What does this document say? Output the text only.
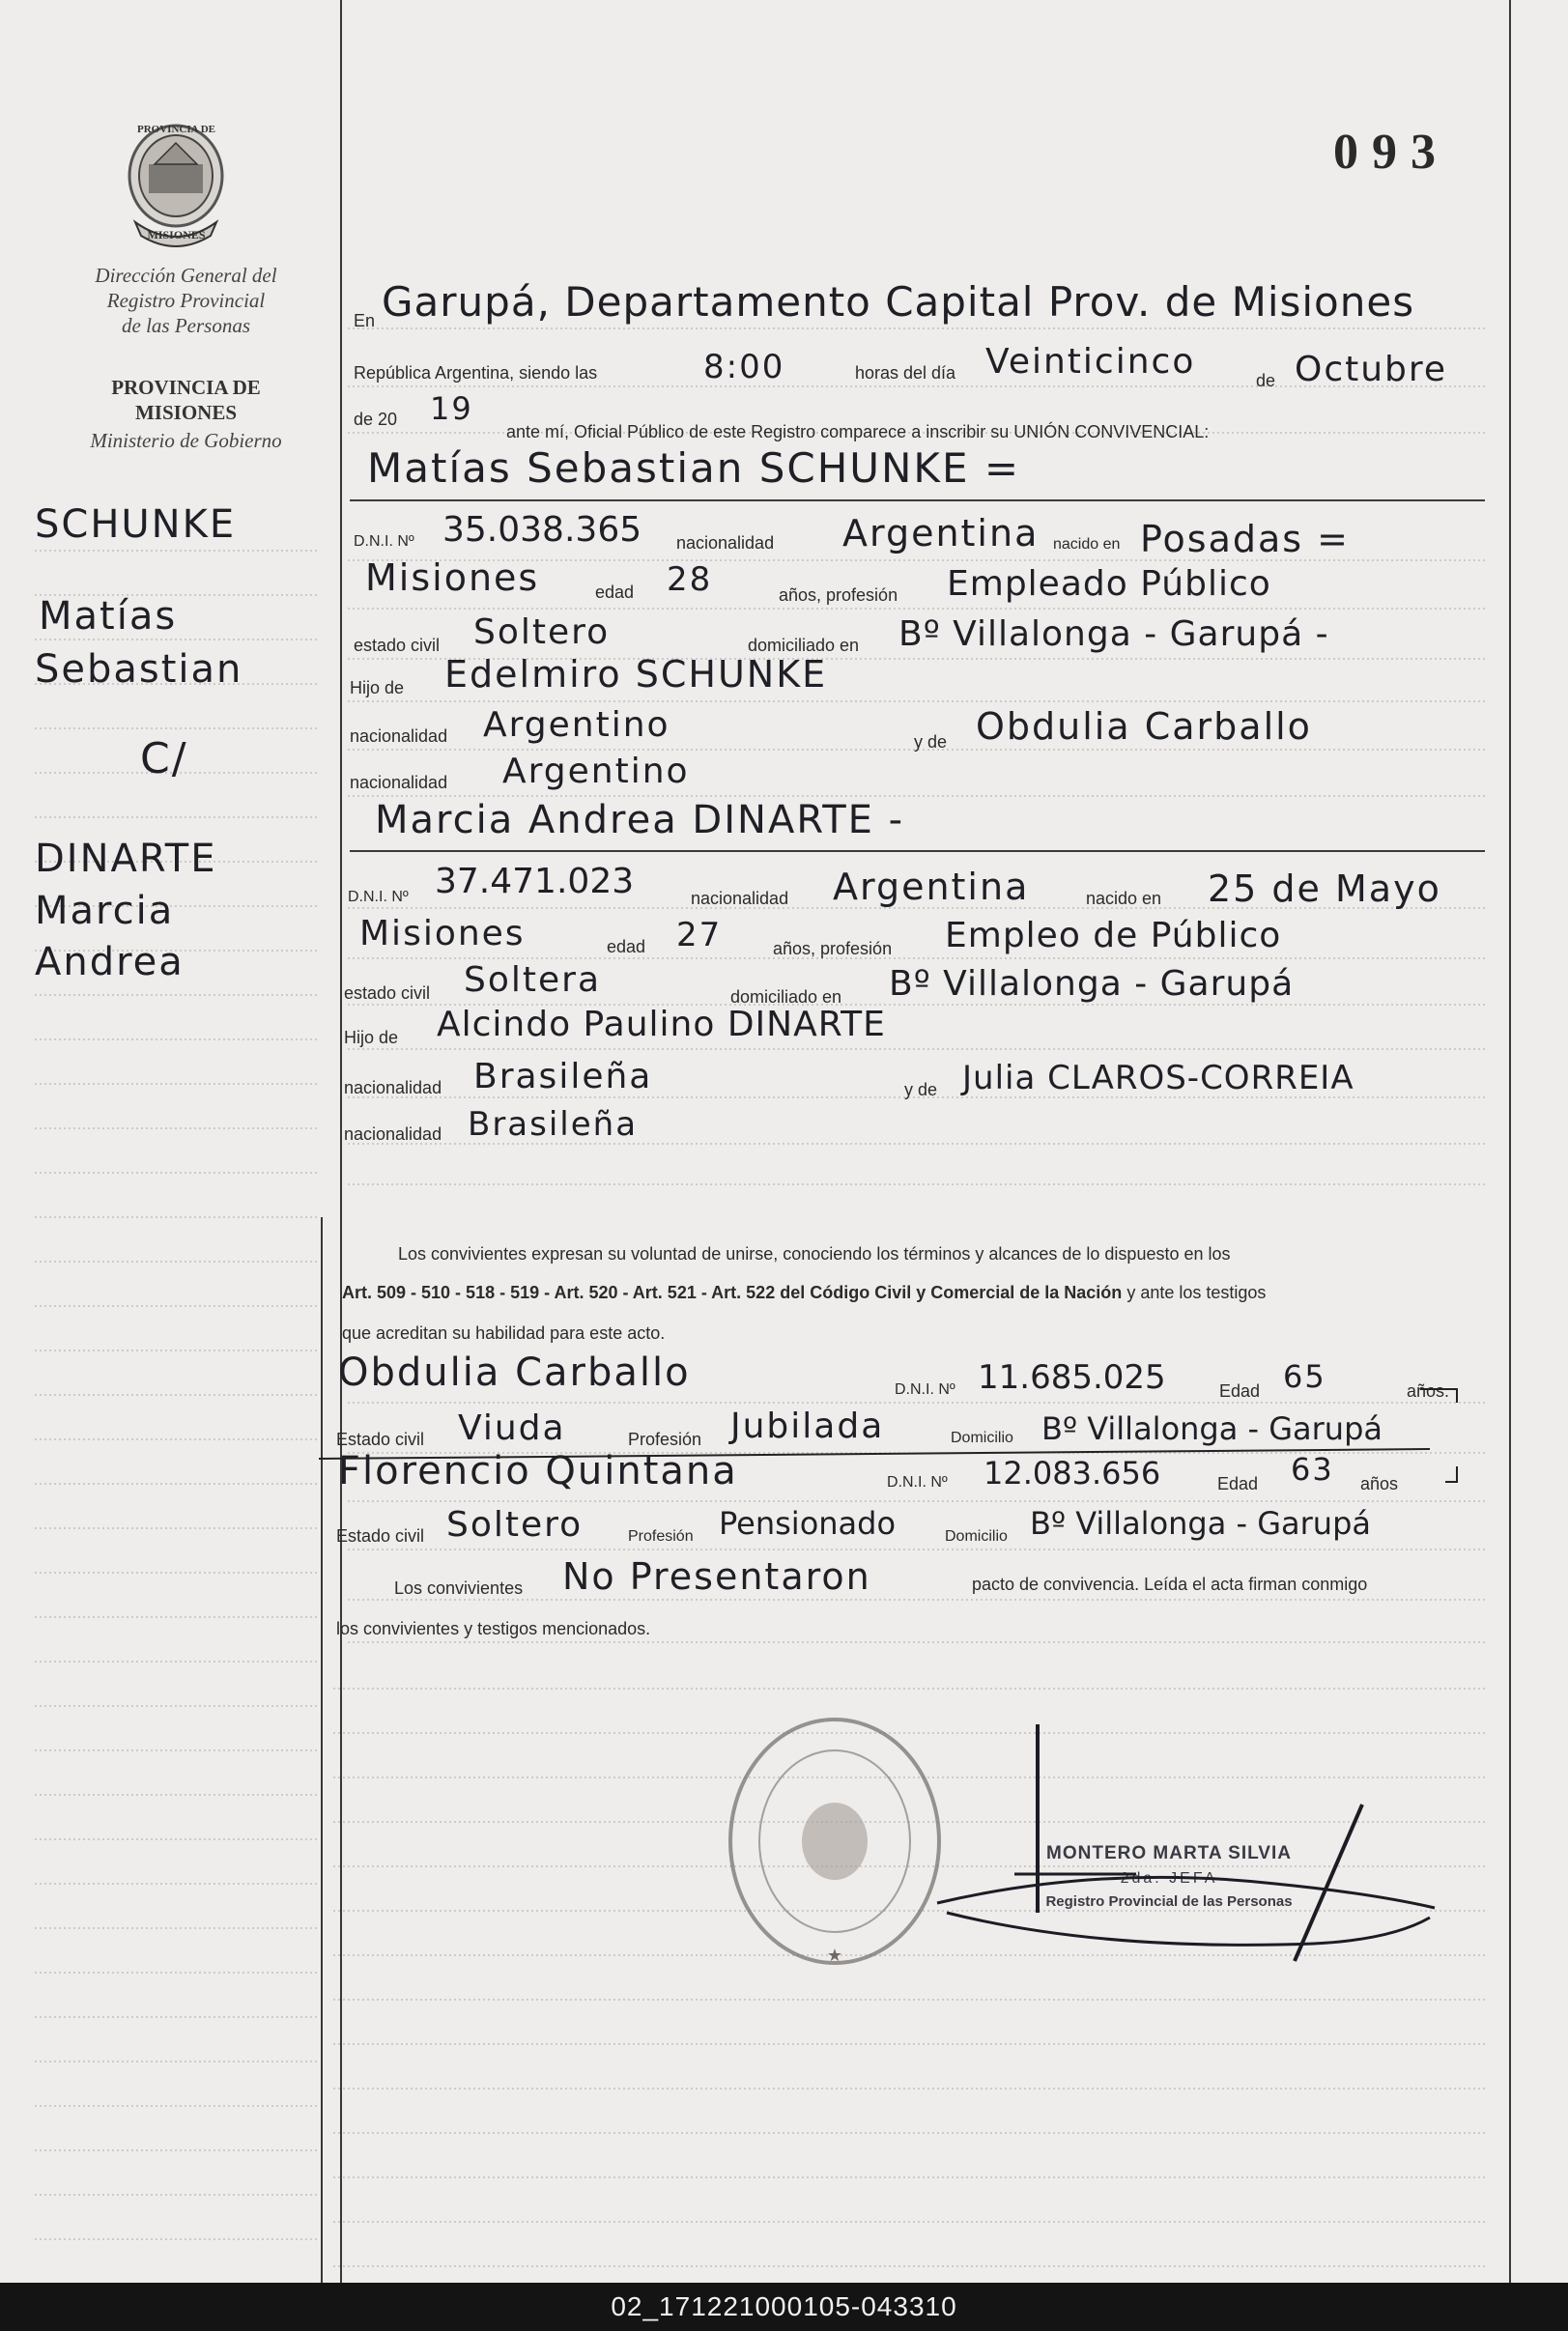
PROVINCIA DE
MISIONES
Dirección General del
Registro Provincial
de las Personas
PROVINCIA DE
MISIONES
Ministerio de Gobierno
093
SCHUNKE
Matías
Sebastian
C/
DINARTE
Marcia
Andrea
En Garupá, Departamento Capital Prov. de Misiones
República Argentina, siendo las	8:00	horas del día Veinticinco	de Octubre
de 20 19
ante mí, Oficial Público de este Registro comparece a inscribir su UNIÓN CONVIVENCIAL:
Matías Sebastian SCHUNKE =
D.N.I. Nº 35.038.365 nacionalidad Argentina nacido en Posadas =
Misiones	edad 28	años, profesión Empleado Público
estado civil Soltero	domiciliado en Bº Villalonga - Garupá -
Hijo de Edelmiro SCHUNKE
nacionalidad Argentino	y de Obdulia Carballo
nacionalidad Argentino
Marcia Andrea DINARTE -
D.N.I. Nº 37.471.023	nacionalidad Argentina	nacido en 25 de Mayo
Misiones	edad 27	años, profesión Empleo de Público
estado civil Soltera	domiciliado en Bº Villalonga - Garupá
Hijo de Alcindo Paulino DINARTE
nacionalidad Brasileña	y de Julia CLAROS-CORREIA
nacionalidad Brasileña
Los convivientes expresan su voluntad de unirse, conociendo los términos y alcances de lo dispuesto en los
Art. 509 - 510 - 518 - 519 - Art. 520 - Art. 521 - Art. 522 del Código Civil y Comercial de la Nación y ante los testigos
que acreditan su habilidad para este acto.
Obdulia Carballo	D.N.I. Nº 11.685.025	Edad 65	años.
Estado civil Viuda	Profesión Jubilada	Domicilio Bº Villalonga - Garupá
Florencio Quintana	D.N.I. Nº 12.083.656	Edad 63 años
Estado civil Soltero	Profesión Pensionado	Domicilio Bº Villalonga - Garupá
Los convivientes No Presentaron	pacto de convivencia. Leída el acta firman conmigo
los convivientes y testigos mencionados.
★
MONTERO MARTA SILVIA
2da. JEFA
Registro Provincial de las Personas
02_171221000105-043310
